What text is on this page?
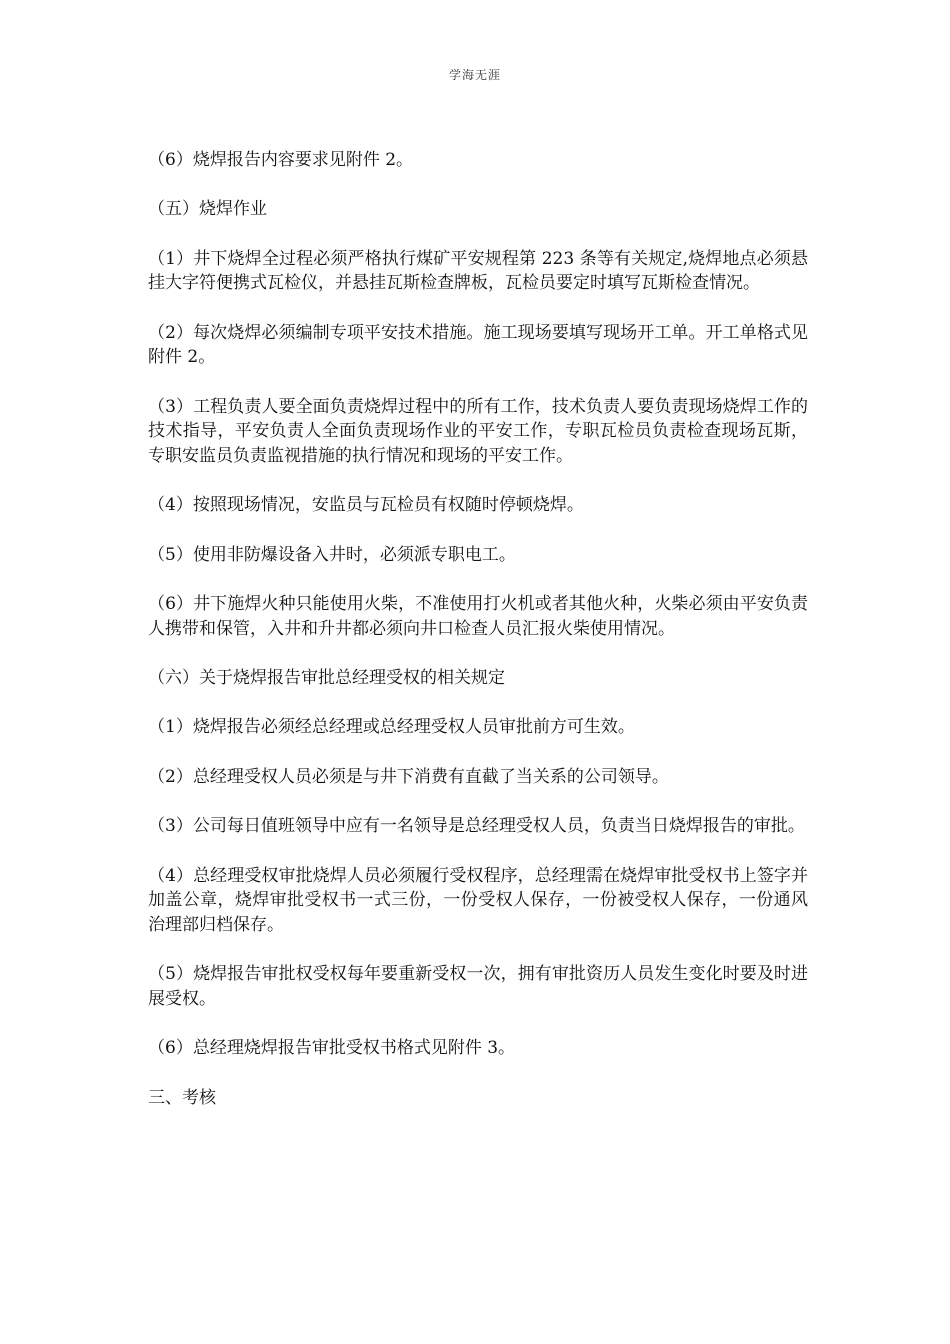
学海无涯

（6）烧焊报告内容要求见附件 2。

（五）烧焊作业

（1）井下烧焊全过程必须严格执行煤矿平安规程第 223 条等有关规定,烧焊地点必须悬挂大字符便携式瓦检仪，并悬挂瓦斯检查牌板，瓦检员要定时填写瓦斯检查情况。

（2）每次烧焊必须编制专项平安技术措施。施工现场要填写现场开工单。开工单格式见附件 2。

（3）工程负责人要全面负责烧焊过程中的所有工作，技术负责人要负责现场烧焊工作的技术指导，平安负责人全面负责现场作业的平安工作，专职瓦检员负责检查现场瓦斯，专职安监员负责监视措施的执行情况和现场的平安工作。

（4）按照现场情况，安监员与瓦检员有权随时停顿烧焊。

（5）使用非防爆设备入井时，必须派专职电工。

（6）井下施焊火种只能使用火柴，不准使用打火机或者其他火种，火柴必须由平安负责人携带和保管，入井和升井都必须向井口检查人员汇报火柴使用情况。

（六）关于烧焊报告审批总经理受权的相关规定

（1）烧焊报告必须经总经理或总经理受权人员审批前方可生效。

（2）总经理受权人员必须是与井下消费有直截了当关系的公司领导。

（3）公司每日值班领导中应有一名领导是总经理受权人员，负责当日烧焊报告的审批。

（4）总经理受权审批烧焊人员必须履行受权程序，总经理需在烧焊审批受权书上签字并加盖公章，烧焊审批受权书一式三份，一份受权人保存，一份被受权人保存，一份通风治理部归档保存。

（5）烧焊报告审批权受权每年要重新受权一次，拥有审批资历人员发生变化时要及时进展受权。

（6）总经理烧焊报告审批受权书格式见附件 3。

三、考核
